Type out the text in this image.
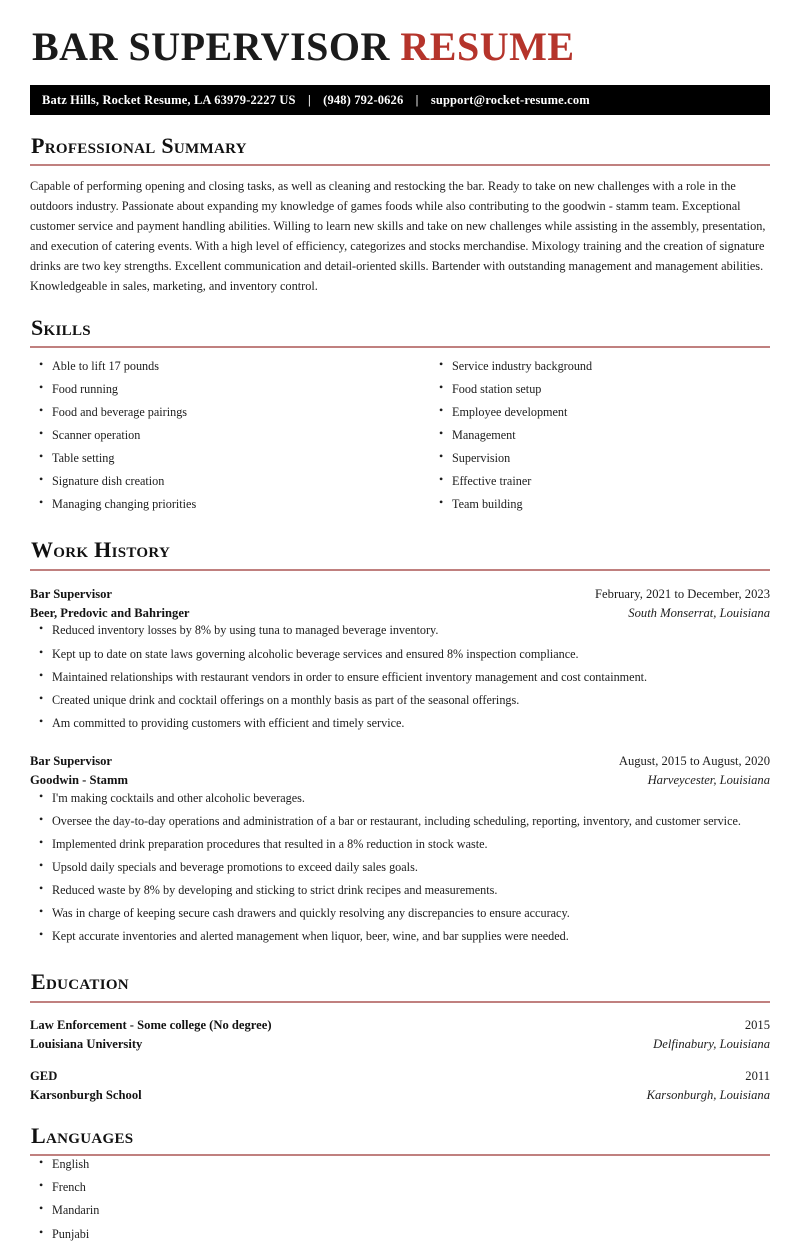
BAR SUPERVISOR RESUME
Batz Hills, Rocket Resume, LA 63979-2227 US | (948) 792-0626 | support@rocket-resume.com
Professional Summary

Capable of performing opening and closing tasks, as well as cleaning and restocking the bar. Ready to take on new challenges with a role in the outdoors industry. Passionate about expanding my knowledge of games foods while also contributing to the goodwin - stamm team. Exceptional customer service and payment handling abilities. Willing to learn new skills and take on new challenges while assisting in the assembly, presentation, and execution of catering events. With a high level of efficiency, categorizes and stocks merchandise. Mixology training and the creation of signature drinks are two key strengths. Excellent communication and detail-oriented skills. Bartender with outstanding management and management abilities. Knowledgeable in sales, marketing, and inventory control.

Skills
• Able to lift 17 pounds
• Food running
• Food and beverage pairings
• Scanner operation
• Table setting
• Signature dish creation
• Managing changing priorities
• Service industry background
• Food station setup
• Employee development
• Management
• Supervision
• Effective trainer
• Team building
Work History
Bar Supervisor	February, 2021 to December, 2023
Beer, Predovic and Bahringer	South Monserrat, Louisiana
• Reduced inventory losses by 8% by using tuna to managed beverage inventory.
• Kept up to date on state laws governing alcoholic beverage services and ensured 8% inspection compliance.
• Maintained relationships with restaurant vendors in order to ensure efficient inventory management and cost containment.
• Created unique drink and cocktail offerings on a monthly basis as part of the seasonal offerings.
• Am committed to providing customers with efficient and timely service.
Bar Supervisor	August, 2015 to August, 2020
Goodwin - Stamm	Harveycester, Louisiana
• I'm making cocktails and other alcoholic beverages.
• Oversee the day-to-day operations and administration of a bar or restaurant, including scheduling, reporting, inventory, and customer service.
• Implemented drink preparation procedures that resulted in a 8% reduction in stock waste.
• Upsold daily specials and beverage promotions to exceed daily sales goals.
• Reduced waste by 8% by developing and sticking to strict drink recipes and measurements.
• Was in charge of keeping secure cash drawers and quickly resolving any discrepancies to ensure accuracy.
• Kept accurate inventories and alerted management when liquor, beer, wine, and bar supplies were needed.
Education
Law Enforcement - Some college (No degree)	2015
Louisiana University	Delfinabury, Louisiana
GED	2011
Karsonburgh School	Karsonburgh, Louisiana
Languages
• English
• French
• Mandarin
• Punjabi
